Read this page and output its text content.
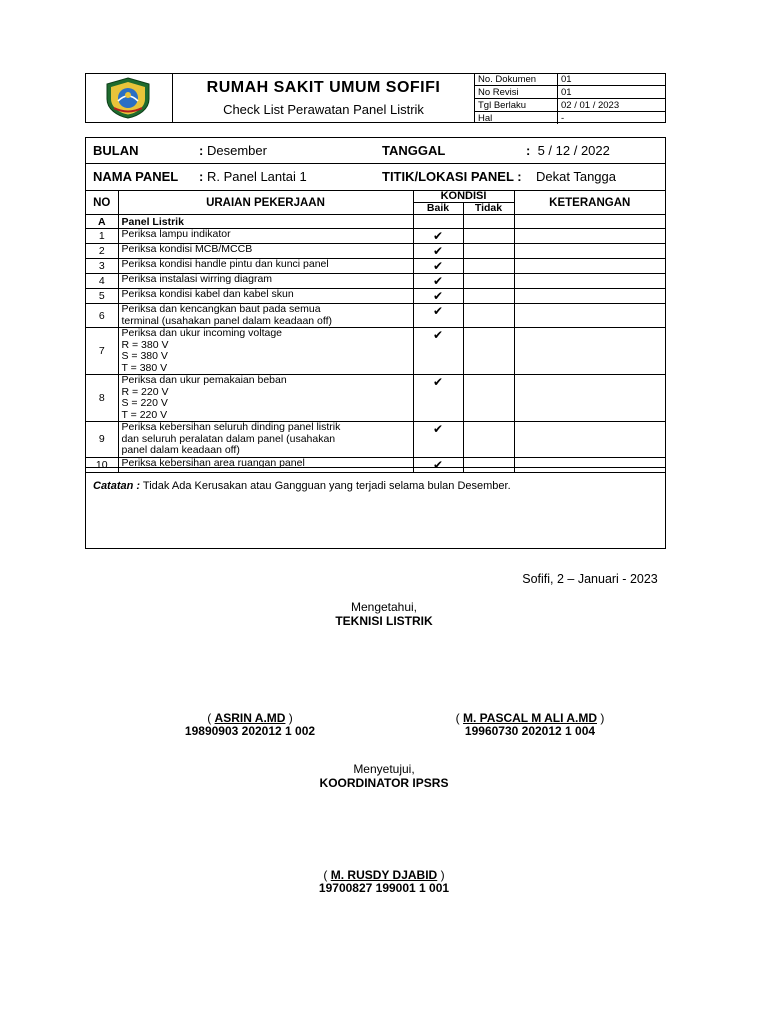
RUMAH SAKIT UMUM SOFIFI
Check List Perawatan Panel Listrik
No. Dokumen	01
No Revisi	01
Tgl Berlaku	02 / 01 / 2023
Hal	-
BULAN	: Desember	TANGGAL	: 5 / 12 / 2022
NAMA PANEL : R. Panel Lantai 1	TITIK/LOKASI PANEL : Dekat Tangga
NO	URAIAN PEKERJAAN	KONDISI		KETERANGAN
		Baik	Tidak	
A	Panel Listrik			
1	Periksa lampu indikator	✔		
2	Periksa kondisi MCB/MCCB	✔		
3	Periksa kondisi handle pintu dan kunci panel	✔		
4	Periksa instalasi wirring diagram	✔		
5	Periksa kondisi kabel dan kabel skun	✔		
6	Periksa dan kencangkan baut pada semua
terminal (usahakan panel dalam keadaan off)	✔		
7	Periksa dan ukur incoming voltage
R = 380 V
S = 380 V
T = 380 V	✔		
8	Periksa dan ukur pemakaian beban
R = 220 V
S = 220 V
T = 220 V	✔		
9	Periksa kebersihan seluruh dinding panel listrik
dan seluruh peralatan dalam panel (usahakan
panel dalam keadaan off)	✔		
10	Periksa kebersihan area ruangan panel	✔		
Catatan : Tidak Ada Kerusakan atau Gangguan yang terjadi selama bulan Desember.
Sofifi, 2 – Januari - 2023
Mengetahui,
TEKNISI LISTRIK
( ASRIN A.MD )
19890903 202012 1 002
( M. PASCAL M ALI A.MD )
19960730 202012 1 004
Menyetujui,
KOORDINATOR IPSRS
( M. RUSDY DJABID )
19700827 199001 1 001
